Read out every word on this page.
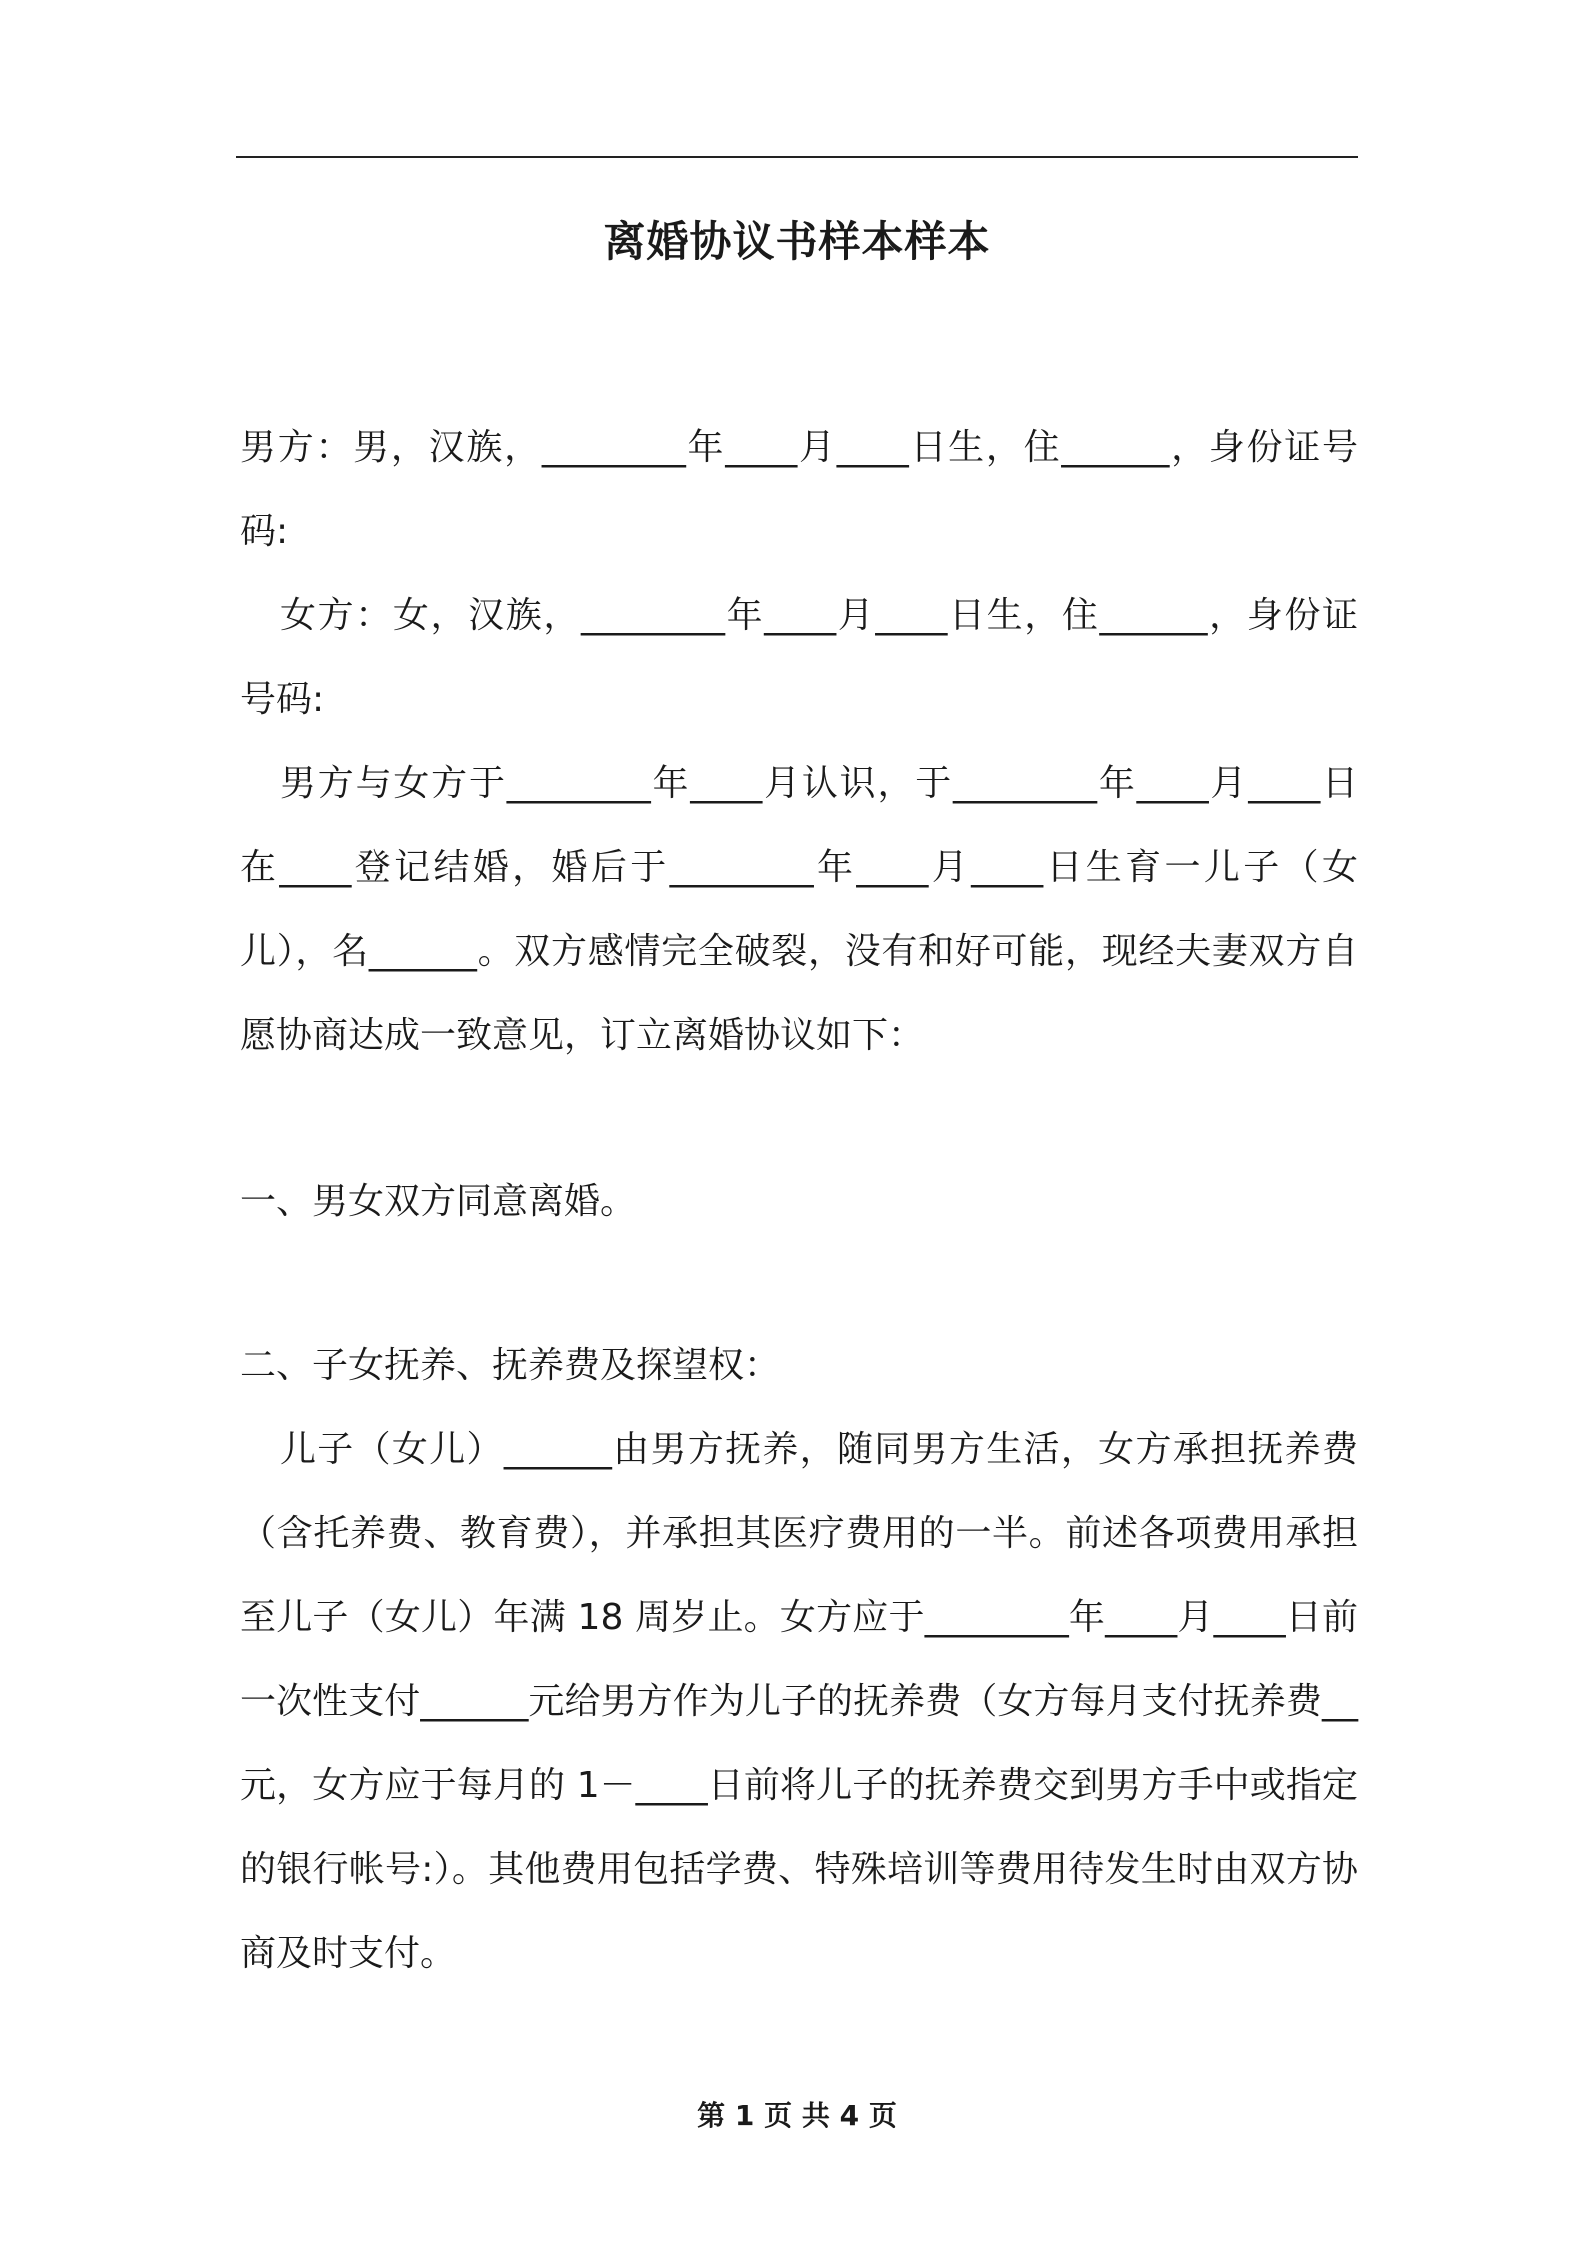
离婚协议书样本样本

男方：男，汉族，________年____月____日生，住______，身份证号码:

女方：女，汉族，________年____月____日生，住______，身份证号码:

男方与女方于________年____月认识，于________年____月____日在____登记结婚，婚后于________年____月____日生育一儿子（女儿），名______。双方感情完全破裂，没有和好可能，现经夫妻双方自愿协商达成一致意见，订立离婚协议如下：

一、男女双方同意离婚。

二、子女抚养、抚养费及探望权：

儿子（女儿）______由男方抚养，随同男方生活，女方承担抚养费（含托养费、教育费），并承担其医疗费用的一半。前述各项费用承担至儿子（女儿）年满 18 周岁止。女方应于________年____月____日前一次性支付______元给男方作为儿子的抚养费（女方每月支付抚养费__元，女方应于每月的 1－____日前将儿子的抚养费交到男方手中或指定的银行帐号:）。其他费用包括学费、特殊培训等费用待发生时由双方协商及时支付。

第 1 页 共 4 页
